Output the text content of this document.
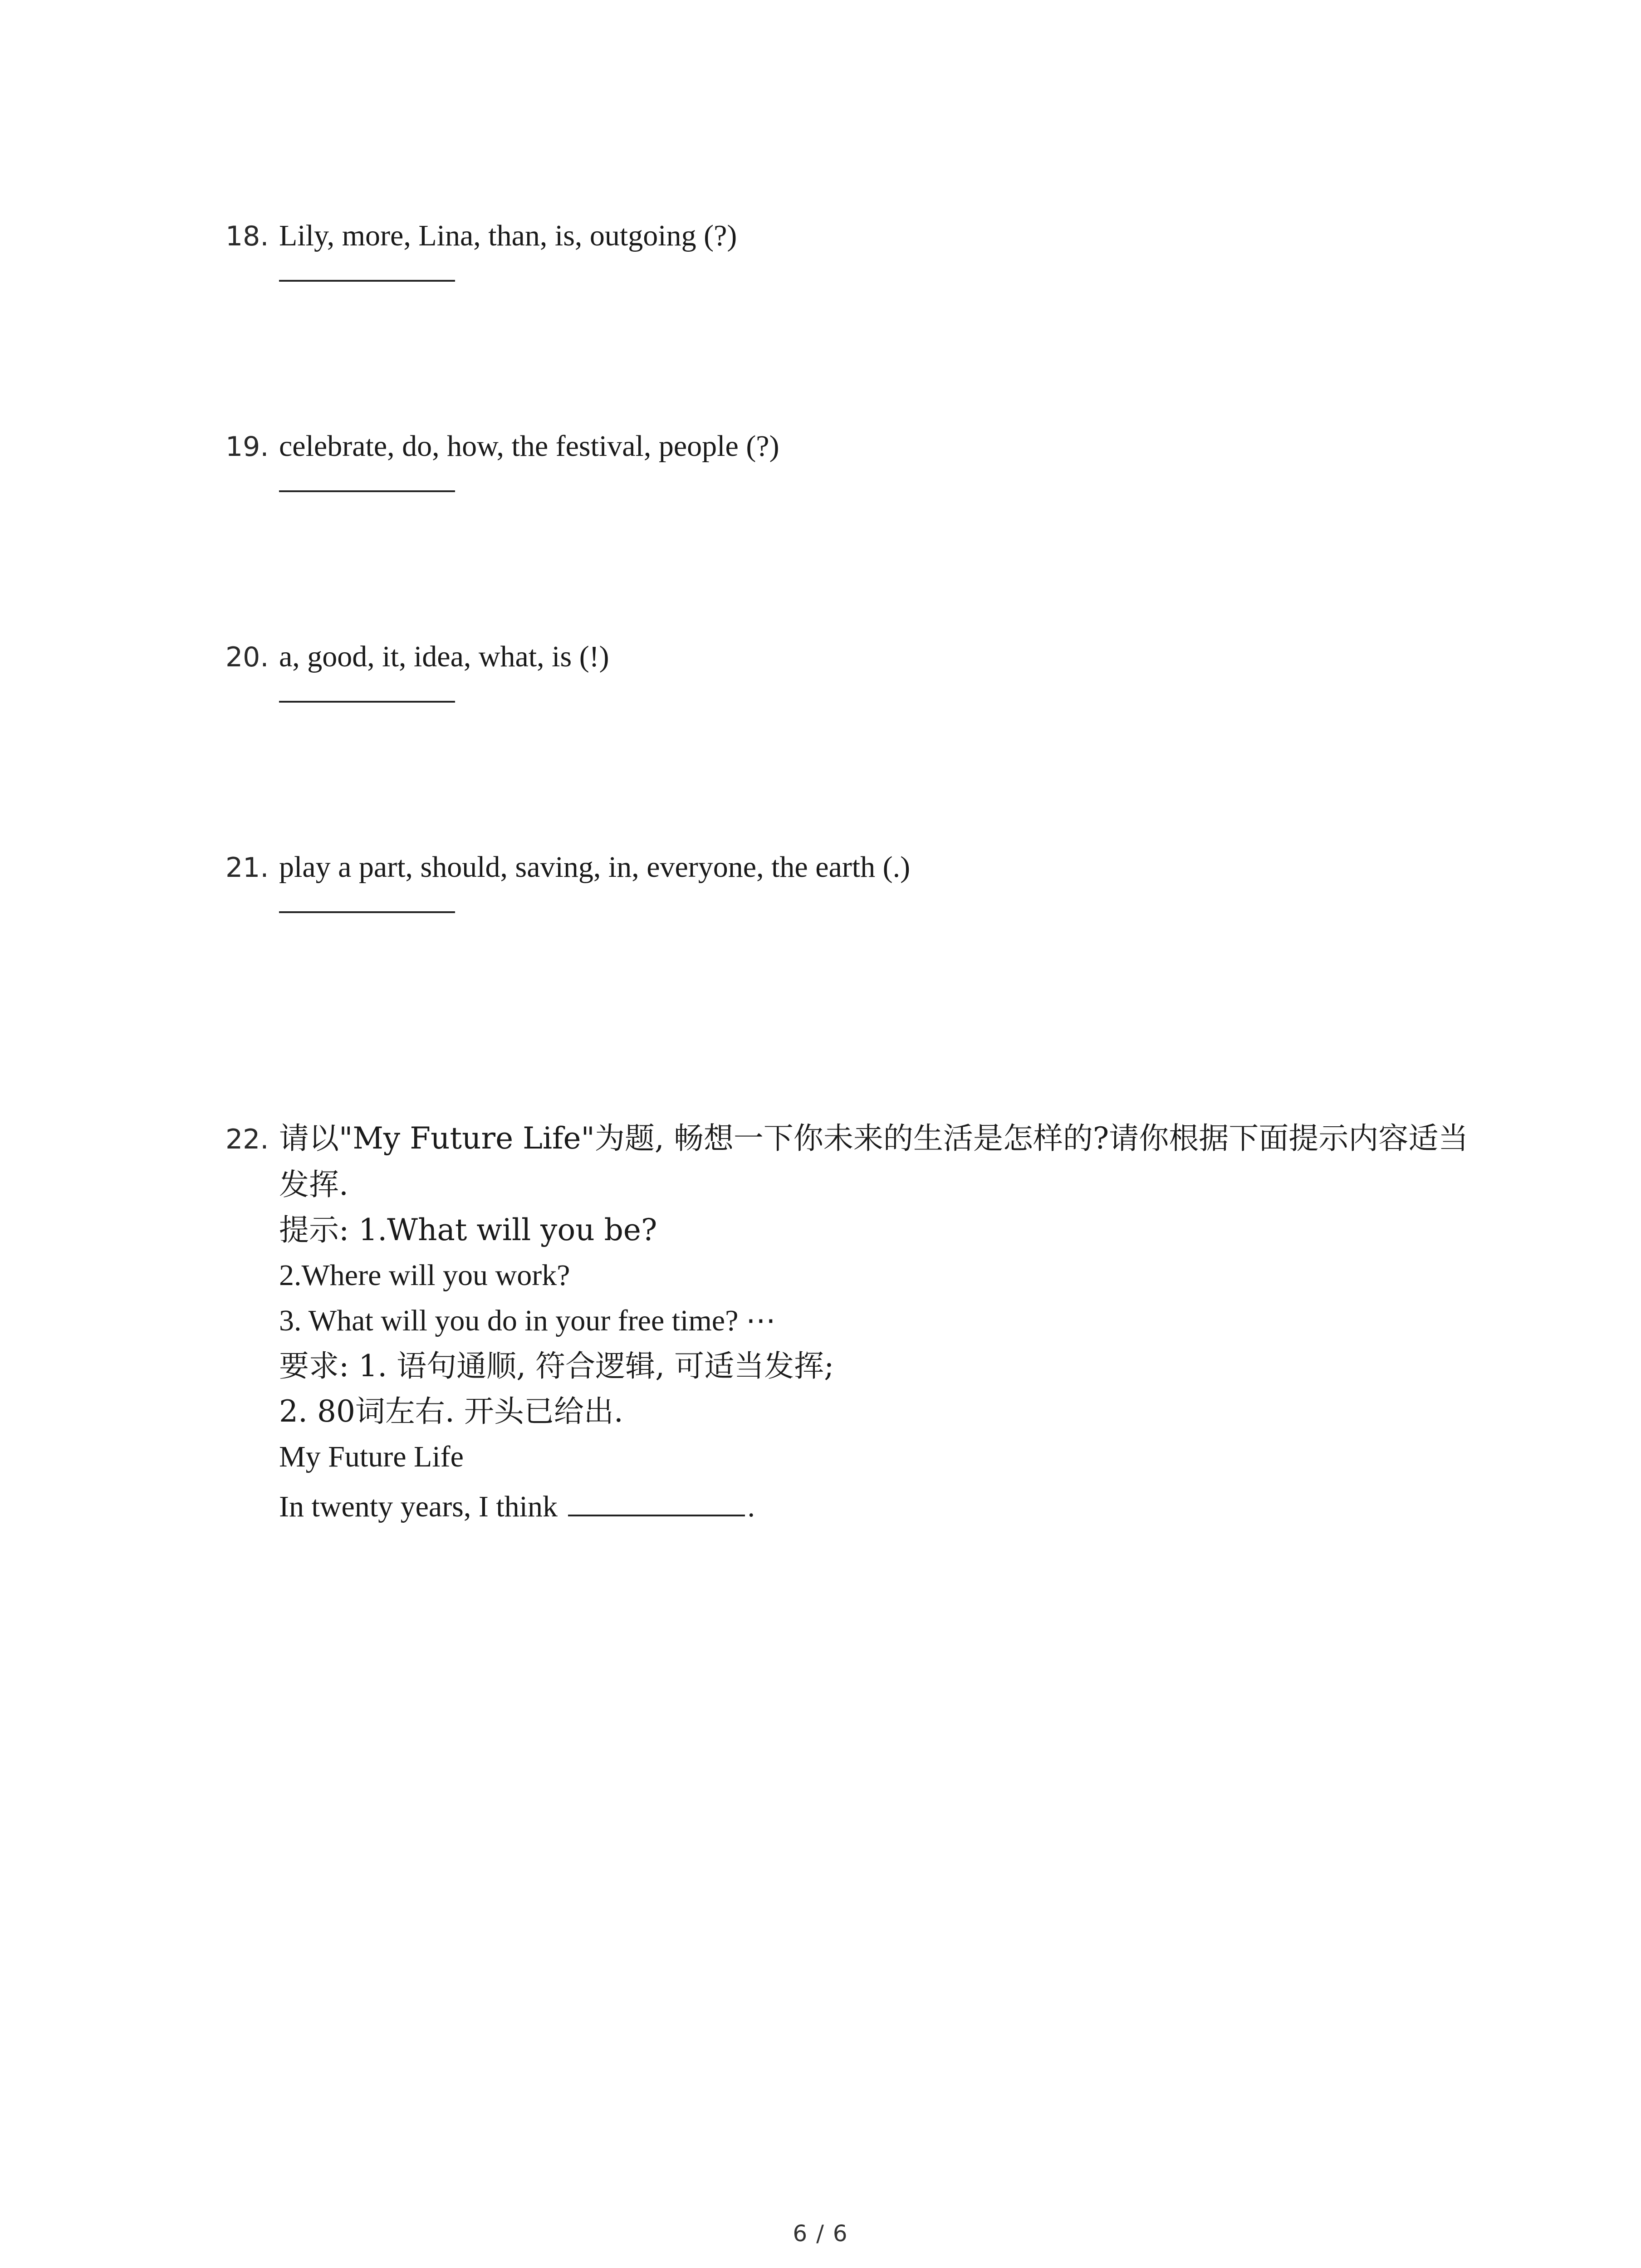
18. Lily, more, Lina, than, is, outgoing (?)
19. celebrate, do, how, the festival, people (?)
20. a, good, it, idea, what, is (!)
21. play a part, should, saving, in, everyone, the earth (.)
22. 请以"My Future Life"为题, 畅想一下你未来的生活是怎样的?请你根据下面提示内容适当
发挥.
提示: 1.What will you be?
2.Where will you work?
3. What will you do in your free time? ⋯
要求: 1. 语句通顺, 符合逻辑, 可适当发挥;
2. 80词左右. 开头已给出.
My Future Life
In twenty years, I think	.
6 / 6
